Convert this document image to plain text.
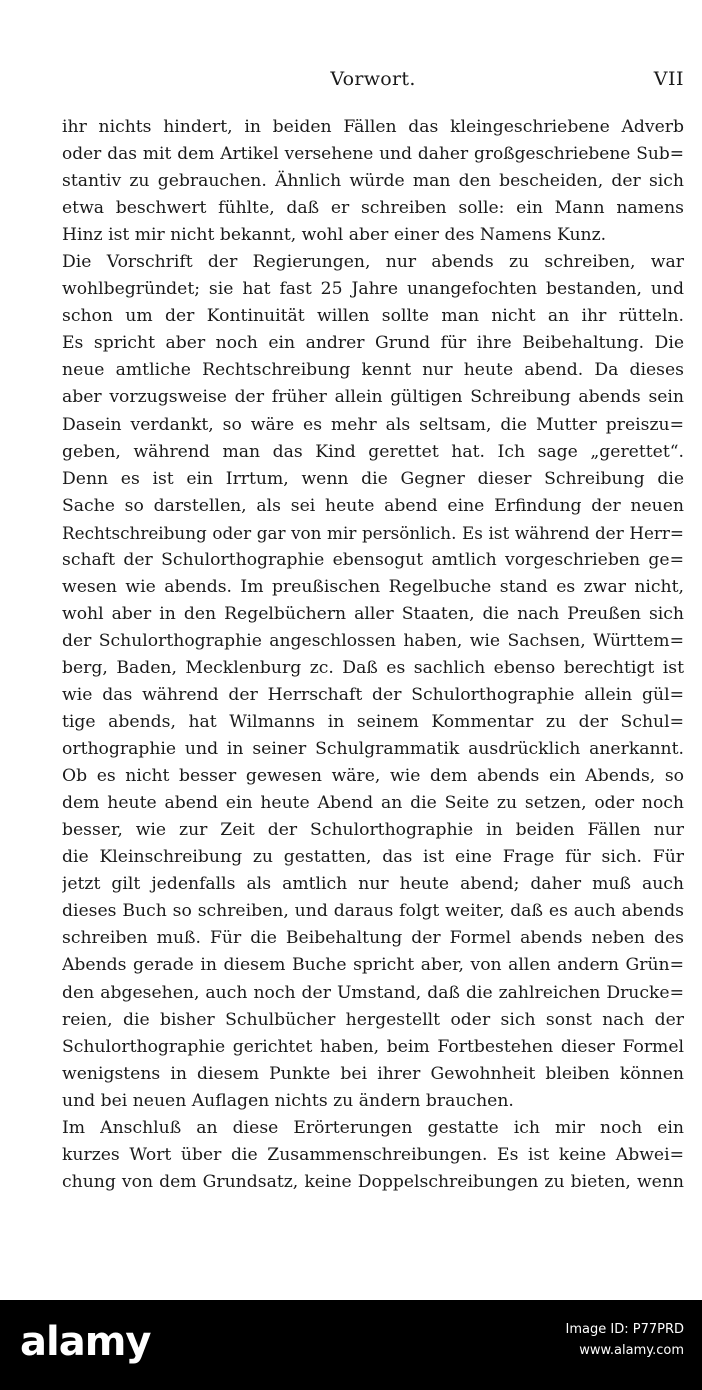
Vorwort.	VII
ihr nichts hindert, in beiden Fällen das kleingeschriebene Adverb
oder das mit dem Artikel versehene und daher großgeschriebene Sub=
stantiv zu gebrauchen. Ähnlich würde man den bescheiden, der sich
etwa beschwert fühlte, daß er schreiben solle: ein Mann namens
Hinz ist mir nicht bekannt, wohl aber einer des Namens Kunz.
Die Vorschrift der Regierungen, nur abends zu schreiben, war
wohlbegründet; sie hat fast 25 Jahre unangefochten bestanden, und
schon um der Kontinuität willen sollte man nicht an ihr rütteln.
Es spricht aber noch ein andrer Grund für ihre Beibehaltung. Die
neue amtliche Rechtschreibung kennt nur heute abend. Da dieses
aber vorzugsweise der früher allein gültigen Schreibung abends sein
Dasein verdankt, so wäre es mehr als seltsam, die Mutter preiszu=
geben, während man das Kind gerettet hat. Ich sage „gerettet“.
Denn es ist ein Irrtum, wenn die Gegner dieser Schreibung die
Sache so darstellen, als sei heute abend eine Erfindung der neuen
Rechtschreibung oder gar von mir persönlich. Es ist während der Herr=
schaft der Schulorthographie ebensogut amtlich vorgeschrieben ge=
wesen wie abends. Im preußischen Regelbuche stand es zwar nicht,
wohl aber in den Regelbüchern aller Staaten, die nach Preußen sich
der Schulorthographie angeschlossen haben, wie Sachsen, Württem=
berg, Baden, Mecklenburg zc. Daß es sachlich ebenso berechtigt ist
wie das während der Herrschaft der Schulorthographie allein gül=
tige abends, hat Wilmanns in seinem Kommentar zu der Schul=
orthographie und in seiner Schulgrammatik ausdrücklich anerkannt.
Ob es nicht besser gewesen wäre, wie dem abends ein Abends, so
dem heute abend ein heute Abend an die Seite zu setzen, oder noch
besser, wie zur Zeit der Schulorthographie in beiden Fällen nur
die Kleinschreibung zu gestatten, das ist eine Frage für sich. Für
jetzt gilt jedenfalls als amtlich nur heute abend; daher muß auch
dieses Buch so schreiben, und daraus folgt weiter, daß es auch abends
schreiben muß. Für die Beibehaltung der Formel abends neben des
Abends gerade in diesem Buche spricht aber, von allen andern Grün=
den abgesehen, auch noch der Umstand, daß die zahlreichen Drucke=
reien, die bisher Schulbücher hergestellt oder sich sonst nach der
Schulorthographie gerichtet haben, beim Fortbestehen dieser Formel
wenigstens in diesem Punkte bei ihrer Gewohnheit bleiben können
und bei neuen Auflagen nichts zu ändern brauchen.
Im Anschluß an diese Erörterungen gestatte ich mir noch ein
kurzes Wort über die Zusammenschreibungen. Es ist keine Abwei=
chung von dem Grundsatz, keine Doppelschreibungen zu bieten, wenn
alamy	Image ID: P77PRD
www.alamy.com
